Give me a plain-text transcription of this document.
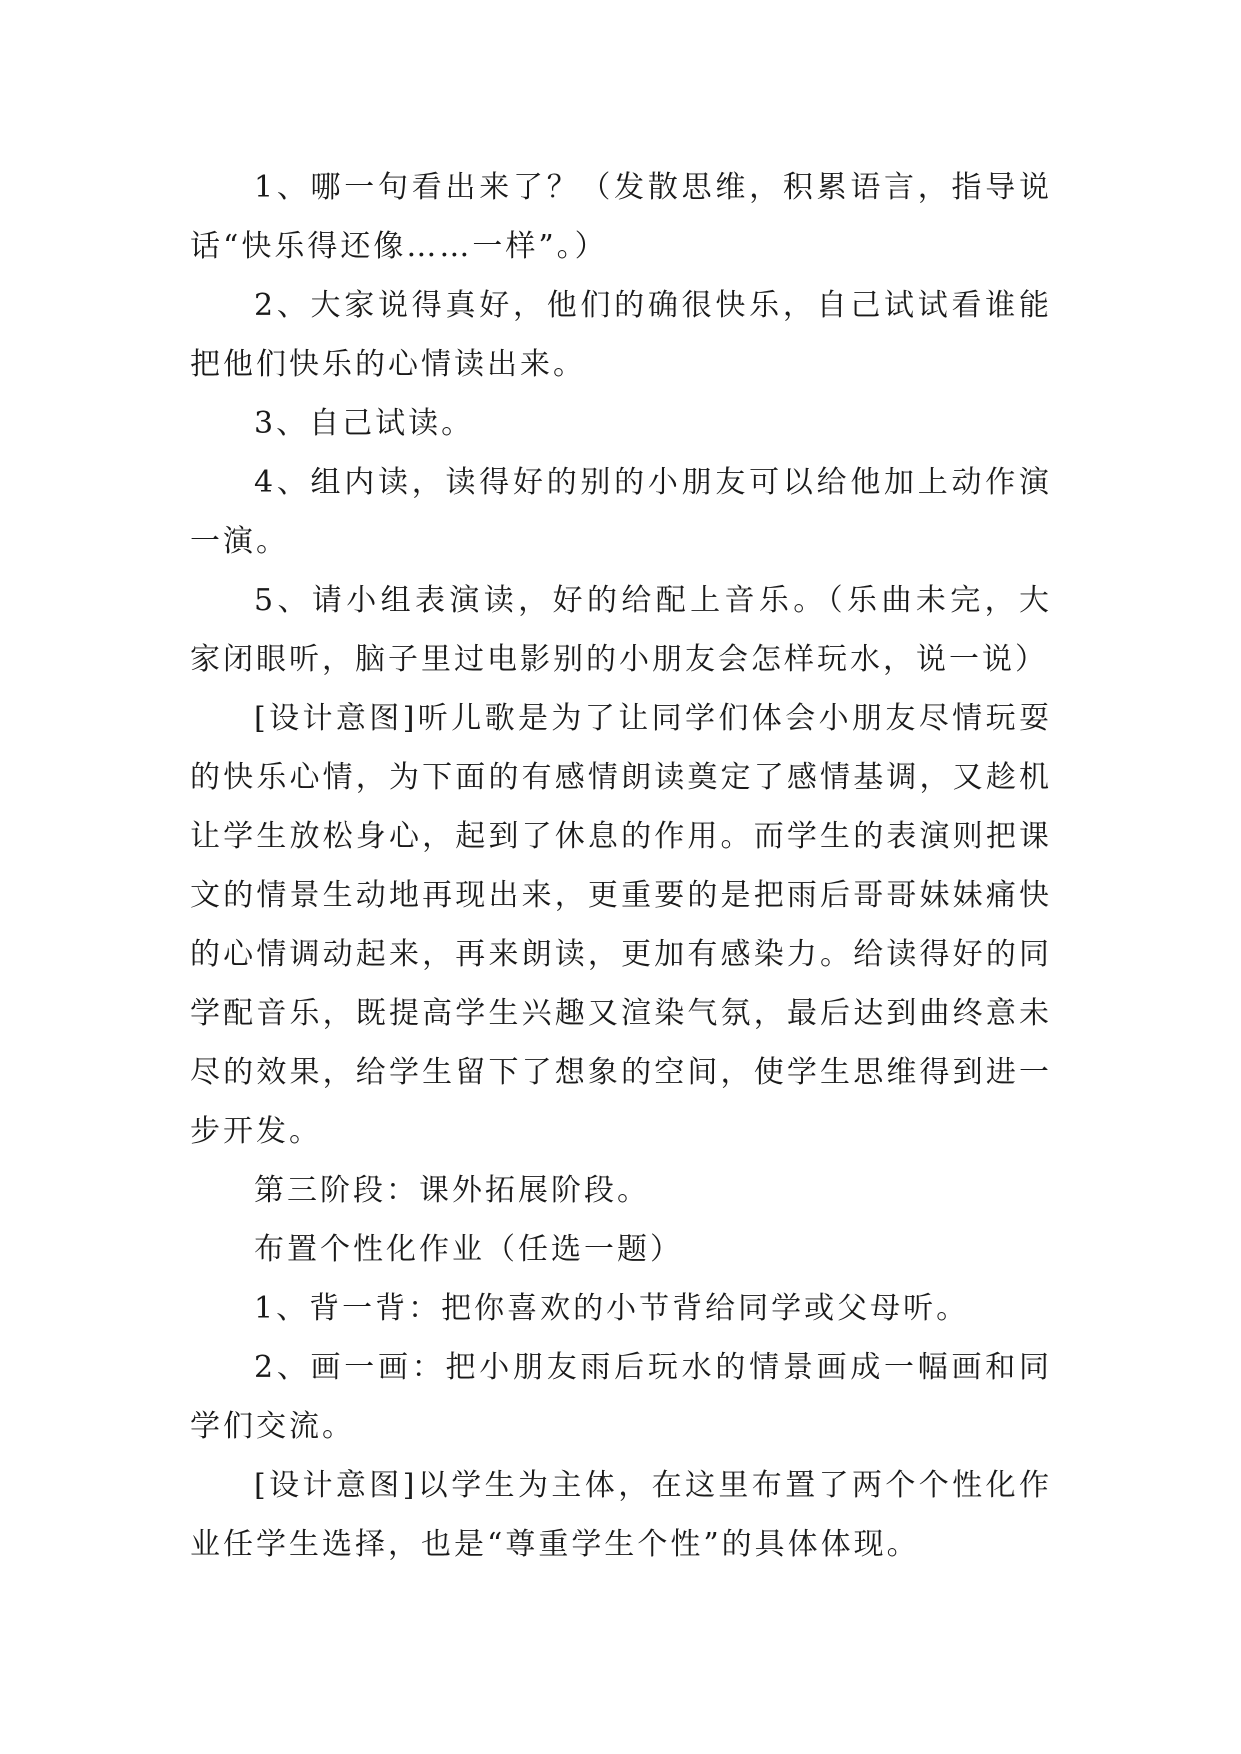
1、哪一句看出来了？（发散思维，积累语言，指导说话“快乐得还像……一样”。）

2、大家说得真好，他们的确很快乐，自己试试看谁能把他们快乐的心情读出来。

3、自己试读。

4、组内读，读得好的别的小朋友可以给他加上动作演一演。

5、请小组表演读，好的给配上音乐。（乐曲未完，大家闭眼听，脑子里过电影别的小朋友会怎样玩水，说一说）

[设计意图]听儿歌是为了让同学们体会小朋友尽情玩耍的快乐心情，为下面的有感情朗读奠定了感情基调，又趁机让学生放松身心，起到了休息的作用。而学生的表演则把课文的情景生动地再现出来，更重要的是把雨后哥哥妹妹痛快的心情调动起来，再来朗读，更加有感染力。给读得好的同学配音乐，既提高学生兴趣又渲染气氛，最后达到曲终意未尽的效果，给学生留下了想象的空间，使学生思维得到进一步开发。

第三阶段：课外拓展阶段。

布置个性化作业（任选一题）

1、背一背：把你喜欢的小节背给同学或父母听。

2、画一画：把小朋友雨后玩水的情景画成一幅画和同学们交流。

[设计意图]以学生为主体，在这里布置了两个个性化作业任学生选择，也是“尊重学生个性”的具体体现。
